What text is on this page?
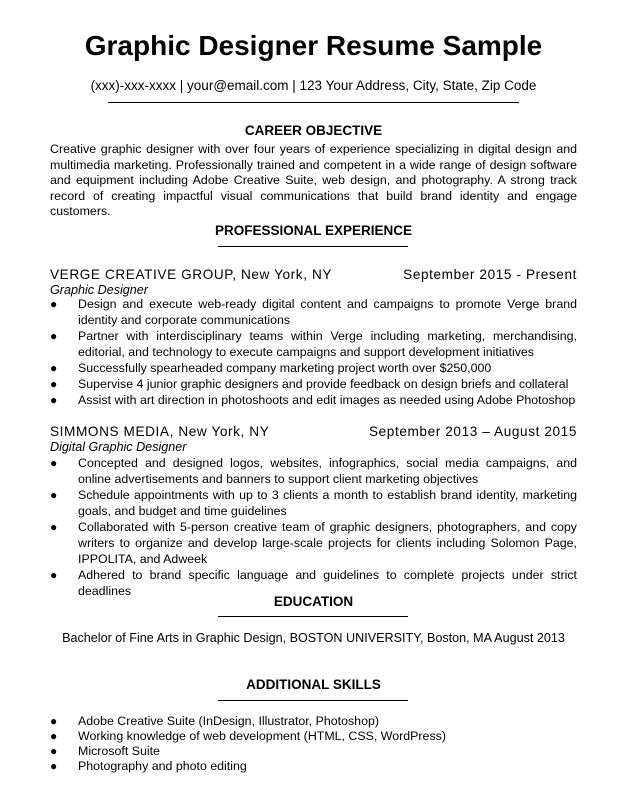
Graphic Designer Resume Sample
(xxx)-xxx-xxxx | your@email.com | 123 Your Address, City, State, Zip Code
CAREER OBJECTIVE
Creative graphic designer with over four years of experience specializing in digital design and multimedia marketing. Professionally trained and competent in a wide range of design software and equipment including Adobe Creative Suite, web design, and photography. A strong track record of creating impactful visual communications that build brand identity and engage customers.
PROFESSIONAL EXPERIENCE
VERGE CREATIVE GROUP, New York, NY	September 2015 - Present
Graphic Designer
● Design and execute web-ready digital content and campaigns to promote Verge brand identity and corporate communications
● Partner with interdisciplinary teams within Verge including marketing, merchandising, editorial, and technology to execute campaigns and support development initiatives
● Successfully spearheaded company marketing project worth over $250,000
● Supervise 4 junior graphic designers and provide feedback on design briefs and collateral
● Assist with art direction in photoshoots and edit images as needed using Adobe Photoshop
SIMMONS MEDIA, New York, NY	September 2013 – August 2015
Digital Graphic Designer
● Concepted and designed logos, websites, infographics, social media campaigns, and online advertisements and banners to support client marketing objectives
● Schedule appointments with up to 3 clients a month to establish brand identity, marketing goals, and budget and time guidelines
● Collaborated with 5-person creative team of graphic designers, photographers, and copy writers to organize and develop large-scale projects for clients including Solomon Page, IPPOLITA, and Adweek
● Adhered to brand specific language and guidelines to complete projects under strict deadlines
EDUCATION
Bachelor of Fine Arts in Graphic Design, BOSTON UNIVERSITY, Boston, MA August 2013
ADDITIONAL SKILLS
● Adobe Creative Suite (InDesign, Illustrator, Photoshop)
● Working knowledge of web development (HTML, CSS, WordPress)
● Microsoft Suite
● Photography and photo editing
